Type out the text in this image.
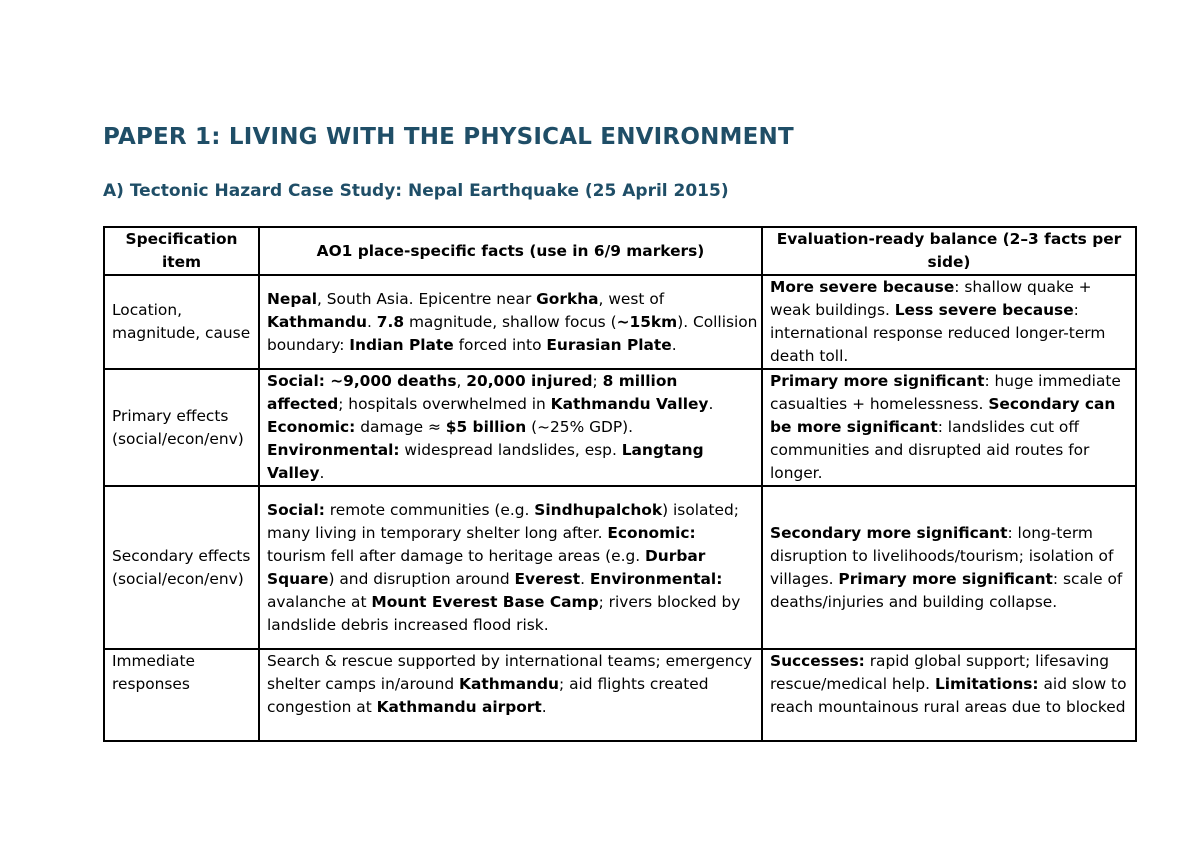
PAPER 1: LIVING WITH THE PHYSICAL ENVIRONMENT
A) Tectonic Hazard Case Study: Nepal Earthquake (25 April 2015)
Specification item	AO1 place-specific facts (use in 6/9 markers)	Evaluation-ready balance (2–3 facts per side)
Location, magnitude, cause	Nepal, South Asia. Epicentre near Gorkha, west of Kathmandu. 7.8 magnitude, shallow focus (~15km). Collision boundary: Indian Plate forced into Eurasian Plate.	More severe because: shallow quake + weak buildings. Less severe because: international response reduced longer-term death toll.
Primary effects (social/econ/env)	Social: ~9,000 deaths, 20,000 injured; 8 million affected; hospitals overwhelmed in Kathmandu Valley. Economic: damage ≈ $5 billion (~25% GDP). Environmental: widespread landslides, esp. Langtang Valley.	Primary more significant: huge immediate casualties + homelessness. Secondary can be more significant: landslides cut off communities and disrupted aid routes for longer.
Secondary effects (social/econ/env)	Social: remote communities (e.g. Sindhupalchok) isolated; many living in temporary shelter long after. Economic: tourism fell after damage to heritage areas (e.g. Durbar Square) and disruption around Everest. Environmental: avalanche at Mount Everest Base Camp; rivers blocked by landslide debris increased flood risk.	Secondary more significant: long-term disruption to livelihoods/tourism; isolation of villages. Primary more significant: scale of deaths/injuries and building collapse.

Immediate responses	Search & rescue supported by international teams; emergency shelter camps in/around Kathmandu; aid flights created congestion at Kathmandu airport.	Successes: rapid global support; lifesaving rescue/medical help. Limitations: aid slow to reach mountainous rural areas due to blocked
